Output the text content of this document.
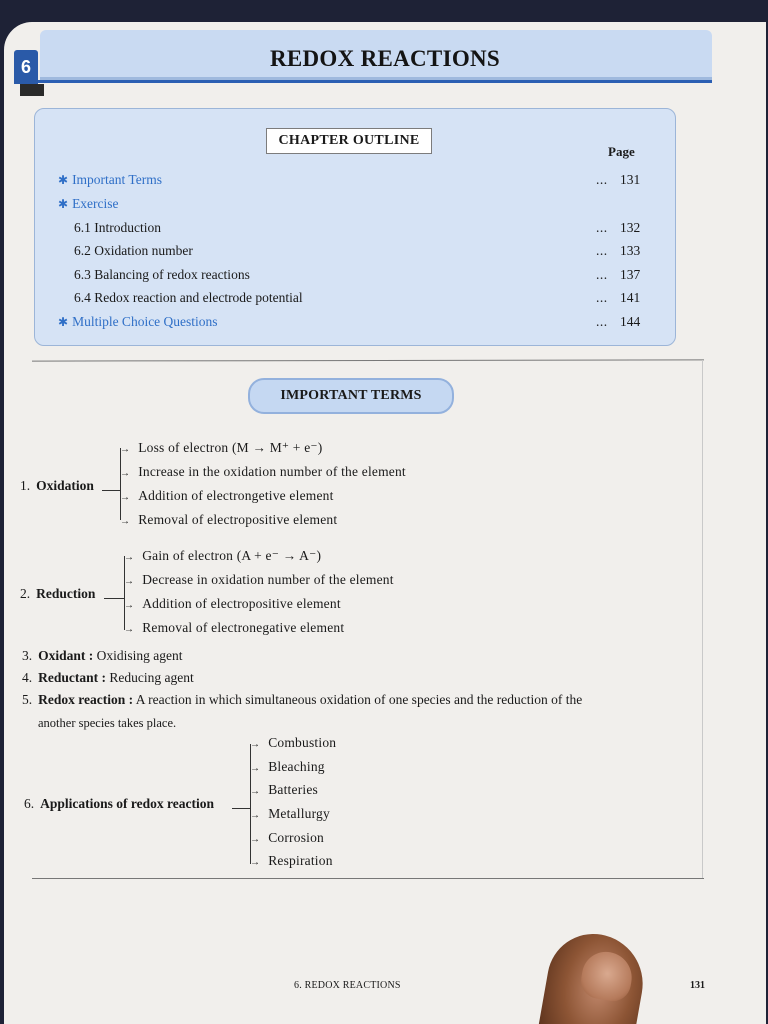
6	REDOX REACTIONS
CHAPTER OUTLINE
Page
✱ Important Terms	... 131
✱ Exercise
6.1 Introduction	... 132
6.2 Oxidation number	... 133
6.3 Balancing of redox reactions	... 137
6.4 Redox reaction and electrode potential	... 141
✱ Multiple Choice Questions	... 144
IMPORTANT TERMS
1. Oxidation
→ Loss of electron (M → M⁺ + e⁻)
→ Increase in the oxidation number of the element
→ Addition of electrongetive element
→ Removal of electropositive element
2. Reduction
→ Gain of electron (A + e⁻ → A⁻)
→ Decrease in oxidation number of the element
→ Addition of electropositive element
→ Removal of electronegative element
3. Oxidant : Oxidising agent
4. Reductant : Reducing agent
5. Redox reaction : A reaction in which simultaneous oxidation of one species and the reduction of the
another species takes place.
6. Applications of redox reaction
→ Combustion
→ Bleaching
→ Batteries
→ Metallurgy
→ Corrosion
→ Respiration
6. REDOX REACTIONS	131
